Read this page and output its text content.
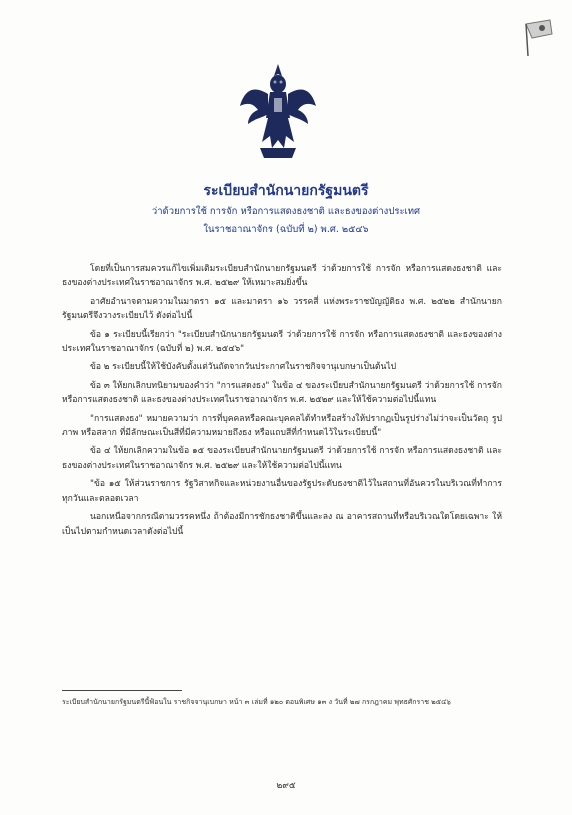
ระเบียบสำนักนายกรัฐมนตรี
ว่าด้วยการใช้ การจัก หรือการแสดงธงชาติ และธงของต่างประเทศ
ในราชอาณาจักร (ฉบับที่ ๒) พ.ศ. ๒๕๔๖

โดยที่เป็นการสมควรแก้ไขเพิ่มเติมระเบียบสำนักนายกรัฐมนตรี ว่าด้วยการใช้ การจัก หรือการแสดงธงชาติ และธงของต่างประเทศในราชอาณาจักร พ.ศ. ๒๕๒๙ ให้เหมาะสมยิ่งขึ้น

อาศัยอำนาจตามความในมาตรา ๑๕ และมาตรา ๑๖ วรรคสี่ แห่งพระราชบัญญัติธง พ.ศ. ๒๕๒๒ สำนักนายกรัฐมนตรีจึงวางระเบียบไว้ ดังต่อไปนี้

ข้อ ๑ ระเบียบนี้เรียกว่า "ระเบียบสำนักนายกรัฐมนตรี ว่าด้วยการใช้ การจัก หรือการแสดงธงชาติ และธงของต่างประเทศในราชอาณาจักร (ฉบับที่ ๒) พ.ศ. ๒๕๔๖"

ข้อ ๒ ระเบียบนี้ให้ใช้บังคับตั้งแต่วันถัดจากวันประกาศในราชกิจจานุเบกษาเป็นต้นไป

ข้อ ๓ ให้ยกเลิกบทนิยามของคำว่า "การแสดงธง" ในข้อ ๔ ของระเบียบสำนักนายกรัฐมนตรี ว่าด้วยการใช้ การจัก หรือการแสดงธงชาติ และธงของต่างประเทศในราชอาณาจักร พ.ศ. ๒๕๒๙ และให้ใช้ความต่อไปนี้แทน

"การแสดงธง" หมายความว่า การที่บุคคลหรือคณะบุคคลได้ทำหรือสร้างให้ปรากฏเป็นรูปร่างไม่ว่าจะเป็นวัตถุ รูป ภาพ หรือสลาก ที่มีลักษณะเป็นสีที่มีความหมายถึงธง หรือแถบสีที่กำหนดไว้ในระเบียบนี้"

ข้อ ๔ ให้ยกเลิกความในข้อ ๑๕ ของระเบียบสำนักนายกรัฐมนตรี ว่าด้วยการใช้ การจัก หรือการแสดงธงชาติ และธงของต่างประเทศในราชอาณาจักร พ.ศ. ๒๕๒๙ และให้ใช้ความต่อไปนี้แทน

"ข้อ ๑๕ ให้ส่วนราชการ รัฐวิสาหกิจและหน่วยงานอื่นของรัฐประดับธงชาติไว้ในสถานที่อันควรในบริเวณที่ทำการทุกวันและตลอดเวลา

นอกเหนือจากกรณีตามวรรคหนึ่ง ถ้าต้องมีการชักธงชาติขึ้นและลง ณ อาคารสถานที่หรือบริเวณใดโดยเฉพาะ ให้เป็นไปตามกำหนดเวลาดังต่อไปนี้

ระเบียบสำนักนายกรัฐมนตรีนี้ฟ้อนใน ราชกิจจานุเบกษา หน้า ๓ เล่มที่ ๑๒๐ ตอนพิเศษ ๑๓ ง วันที่ ๒๗ กรกฎาคม พุทธศักราช ๒๕๔๖
๒๙๕
